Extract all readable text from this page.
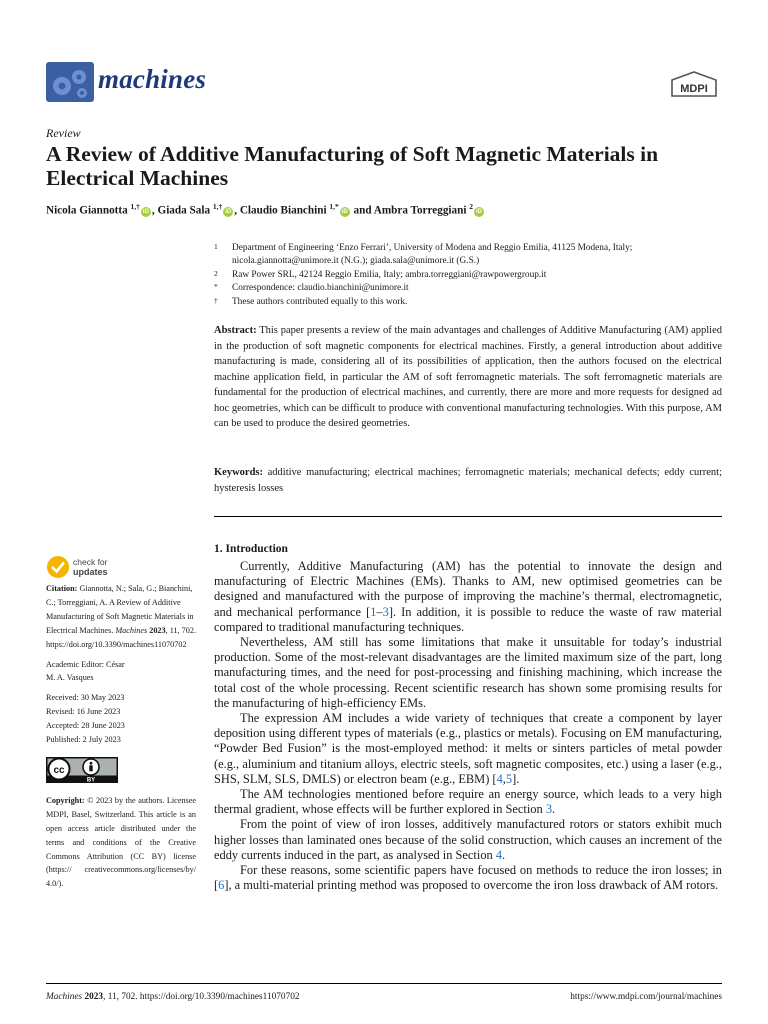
machines	MDPI
Review
A Review of Additive Manufacturing of Soft Magnetic Materials in Electrical Machines
Nicola Giannotta $^{1,\dagger}$iD , Giada Sala $^{1,\dagger}$iD , Claudio Bianchini $^{1,*}$iD and Ambra Torreggiani $^2$iD
1 Department of Engineering ‘Enzo Ferrari’, University of Modena and Reggio Emilia, 41125 Modena, Italy; nicola.giannotta@unimore.it (N.G.); giada.sala@unimore.it (G.S.)
2 Raw Power SRL, 42124 Reggio Emilia, Italy; ambra.torreggiani@rawpowergroup.it
* Correspondence: claudio.bianchini@unimore.it
† These authors contributed equally to this work.
Abstract: This paper presents a review of the main advantages and challenges of Additive Manufacturing (AM) applied in the production of soft magnetic components for electrical machines. Firstly, a general introduction about additive manufacturing is made, considering all of its possibilities of application, then the authors focused on the electrical machine application field, in particular the AM of soft ferromagnetic materials. The soft ferromagnetic materials are fundamental for the production of electrical machines, and currently, there are more and more requests for designed ad hoc geometries, which can be difficult to produce with conventional manufacturing technologies. With this purpose, AM can be used to produce the desired geometries.
Keywords: additive manufacturing; electrical machines; ferromagnetic materials; mechanical defects; eddy current; hysteresis losses
check for
updates

Citation: Giannotta, N.; Sala, G.; Bianchini, C.; Torreggiani, A. A Review of Additive Manufacturing of Soft Magnetic Materials in Electrical Machines. Machines 2023, 11, 702. https://doi.org/10.3390/machines11070702

Academic Editor: César
M. A. Vasques

Received: 30 May 2023

Revised: 16 June 2023

Accepted: 28 June 2023

Published: 2 July 2023

cc
BY

Copyright: © 2023 by the authors. Licensee MDPI, Basel, Switzerland. This article is an open access article distributed under the terms and conditions of the Creative Commons Attribution (CC BY) license (https:// creativecommons.org/licenses/by/ 4.0/).

1. Introduction

Currently, Additive Manufacturing (AM) has the potential to innovate the design and manufacturing of Electric Machines (EMs). Thanks to AM, new optimised geometries can be designed and manufactured with the purpose of improving the machine’s thermal, electromagnetic, and mechanical performance [1–3]. In addition, it is possible to reduce the waste of raw material compared to traditional manufacturing techniques.

Nevertheless, AM still has some limitations that make it unsuitable for today’s industrial production. Some of the most-relevant disadvantages are the limited maximum size of the part, long manufacturing times, and the need for post-processing and finishing machining, which increase the total cost of the whole processing. Recent scientific research has shown some promising results for the manufacturing of high-efficiency EMs.

The expression AM includes a wide variety of techniques that create a component by layer deposition using different types of materials (e.g., plastics or metals). Focusing on EM manufacturing, “Powder Bed Fusion” is the most-employed method: it melts or sinters particles of metal powder (e.g., aluminium and titanium alloys, electric steels, soft magnetic composites, etc.) using a laser (e.g., SHS, SLM, SLS, DMLS) or electron beam (e.g., EBM) [4,5].

The AM technologies mentioned before require an energy source, which leads to a very high thermal gradient, whose effects will be further explored in Section 3.

From the point of view of iron losses, additively manufactured rotors or stators exhibit much higher losses than laminated ones because of the solid construction, which causes an increment of the eddy currents induced in the part, as analysed in Section 4.

For these reasons, some scientific papers have focused on methods to reduce the iron losses; in [6], a multi-material printing method was proposed to overcome the iron loss drawback of AM rotors.

Machines 2023, 11, 702. https://doi.org/10.3390/machines11070702	https://www.mdpi.com/journal/machines
